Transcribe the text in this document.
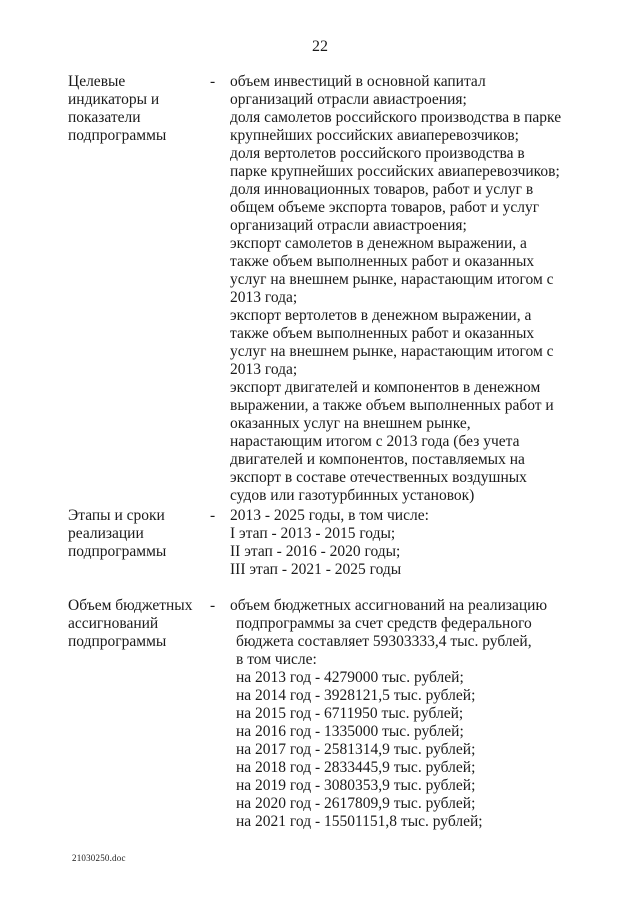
22
Целевые
индикаторы и
показатели
подпрограммы
- объем инвестиций в основной капитал
организаций отрасли авиастроения;
доля самолетов российского производства в парке
крупнейших российских авиаперевозчиков;
доля вертолетов российского производства в
парке крупнейших российских авиаперевозчиков;
доля инновационных товаров, работ и услуг в
общем объеме экспорта товаров, работ и услуг
организаций отрасли авиастроения;
экспорт самолетов в денежном выражении, а
также объем выполненных работ и оказанных
услуг на внешнем рынке, нарастающим итогом с
2013 года;
экспорт вертолетов в денежном выражении, а
также объем выполненных работ и оказанных
услуг на внешнем рынке, нарастающим итогом с
2013 года;
экспорт двигателей и компонентов в денежном
выражении, а также объем выполненных работ и
оказанных услуг на внешнем рынке,
нарастающим итогом с 2013 года (без учета
двигателей и компонентов, поставляемых на
экспорт в составе отечественных воздушных
судов или газотурбинных установок)
Этапы и сроки
реализации
подпрограммы
- 2013 - 2025 годы, в том числе:
I этап - 2013 - 2015 годы;
II этап - 2016 - 2020 годы;
III этап - 2021 - 2025 годы
Объем бюджетных
ассигнований
подпрограммы
- объем бюджетных ассигнований на реализацию
подпрограммы за счет средств федерального
бюджета составляет 59303333,4 тыс. рублей,
в том числе:
на 2013 год - 4279000 тыс. рублей;
на 2014 год - 3928121,5 тыс. рублей;
на 2015 год - 6711950 тыс. рублей;
на 2016 год - 1335000 тыс. рублей;
на 2017 год - 2581314,9 тыс. рублей;
на 2018 год - 2833445,9 тыс. рублей;
на 2019 год - 3080353,9 тыс. рублей;
на 2020 год - 2617809,9 тыс. рублей;
на 2021 год - 15501151,8 тыс. рублей;
21030250.doc
